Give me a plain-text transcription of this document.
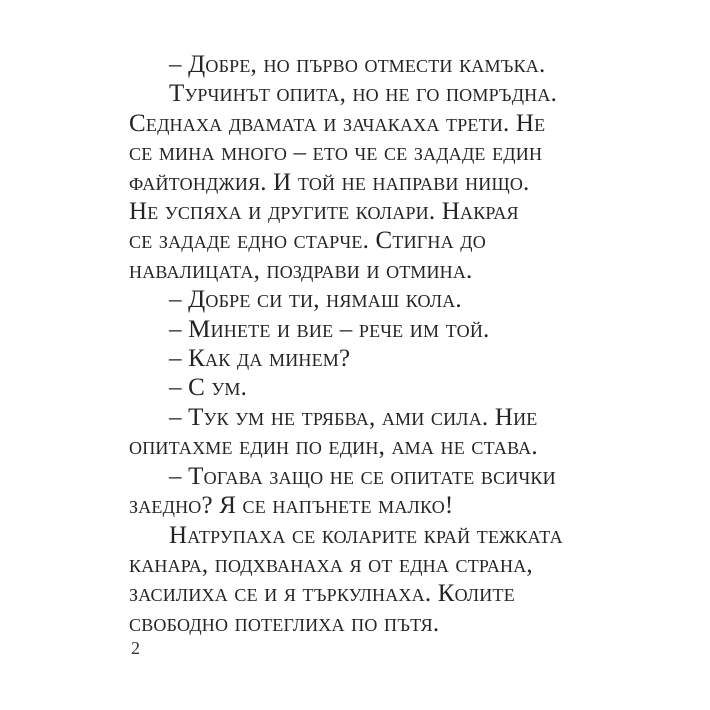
– Добре, но първо отмести камъка.
Турчинът опита, но не го помръдна.
Седнаха двамата и зачакаха трети. Не
се мина много – ето че се зададе един
файтонджия. И той не направи нищо.
Не успяха и другите колари. Накрая
се зададе едно старче. Стигна до
навалицата, поздрави и отмина.
– Добре си ти, нямаш кола.
– Минете и вие – рече им той.
– Как да минем?
– С ум.
– Тук ум не трябва, ами сила. Ние
опитахме един по един, ама не става.
– Тогава защо не се опитате всички
заедно? Я се напънете малко!
Натрупаха се коларите край тежката
канара, подхванаха я от една страна,
засилиха се и я търкулнаха. Колите
свободно потеглиха по пътя.
2
